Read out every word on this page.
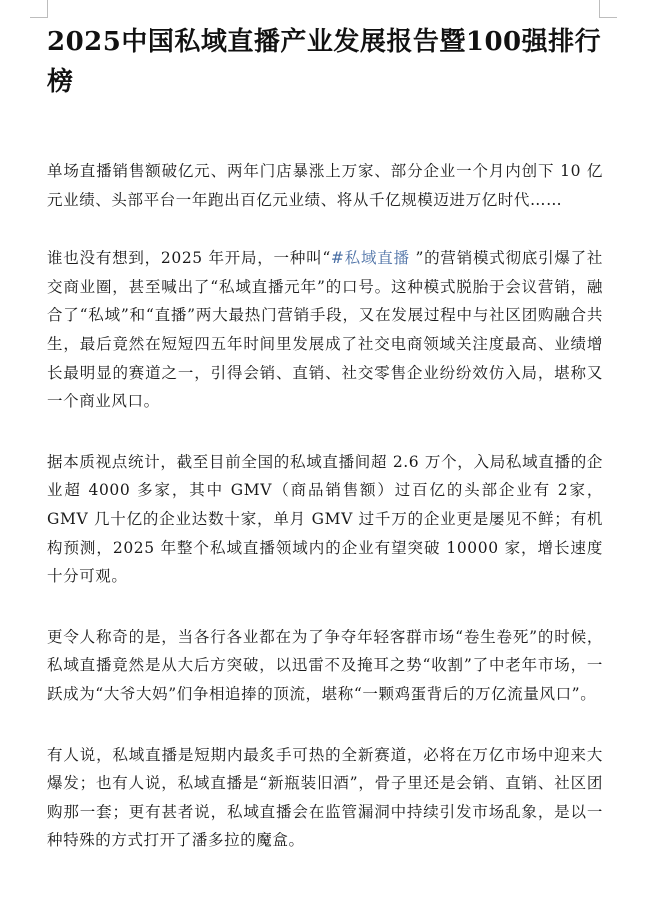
2025中国私域直播产业发展报告暨100强排行榜

单场直播销售额破亿元、两年门店暴涨上万家、部分企业一个月内创下 10 亿元业绩、头部平台一年跑出百亿元业绩、将从千亿规模迈进万亿时代……

谁也没有想到，2025 年开局，一种叫“#私域直播 ”的营销模式彻底引爆了社交商业圈，甚至喊出了“私域直播元年”的口号。这种模式脱胎于会议营销，融合了“私域”和“直播”两大最热门营销手段，又在发展过程中与社区团购融合共生，最后竟然在短短四五年时间里发展成了社交电商领域关注度最高、业绩增长最明显的赛道之一，引得会销、直销、社交零售企业纷纷效仿入局，堪称又一个商业风口。

据本质视点统计，截至目前全国的私域直播间超 2.6 万个，入局私域直播的企业超 4000 多家，其中 GMV（商品销售额）过百亿的头部企业有 2家，GMV 几十亿的企业达数十家，单月 GMV 过千万的企业更是屡见不鲜；有机构预测，2025 年整个私域直播领域内的企业有望突破 10000 家，增长速度十分可观。

更令人称奇的是，当各行各业都在为了争夺年轻客群市场“卷生卷死”的时候，私域直播竟然是从大后方突破，以迅雷不及掩耳之势“收割”了中老年市场，一跃成为“大爷大妈”们争相追捧的顶流，堪称“一颗鸡蛋背后的万亿流量风口”。

有人说，私域直播是短期内最炙手可热的全新赛道，必将在万亿市场中迎来大爆发；也有人说，私域直播是“新瓶装旧酒”，骨子里还是会销、直销、社区团购那一套；更有甚者说，私域直播会在监管漏洞中持续引发市场乱象，是以一种特殊的方式打开了潘多拉的魔盒。
